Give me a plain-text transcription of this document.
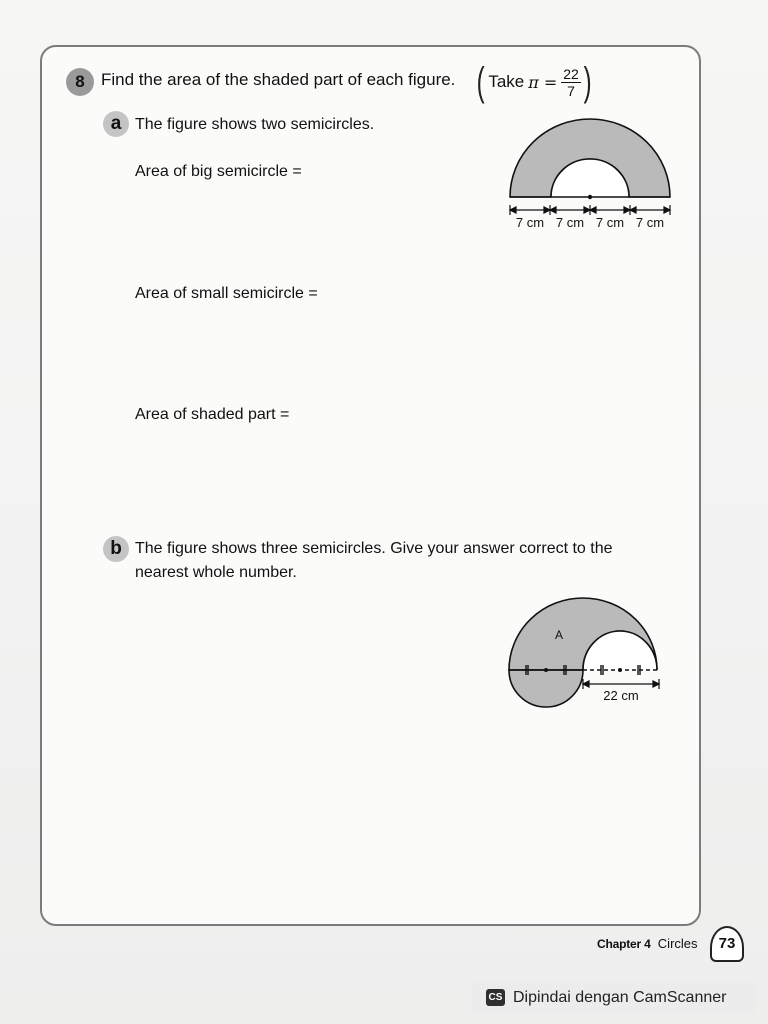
8 Find the area of the shaded part of each figure. ( Take $\pi = \frac{22}{7}$ )
a The figure shows two semicircles.
Area of big semicircle =
Area of small semicircle =
Area of shaded part =
7 cm 7 cm 7 cm 7 cm
b The figure shows three semicircles. Give your answer correct to the
nearest whole number.
A
22 cm
Chapter 4 Circles	73
CS Dipindai dengan CamScanner
